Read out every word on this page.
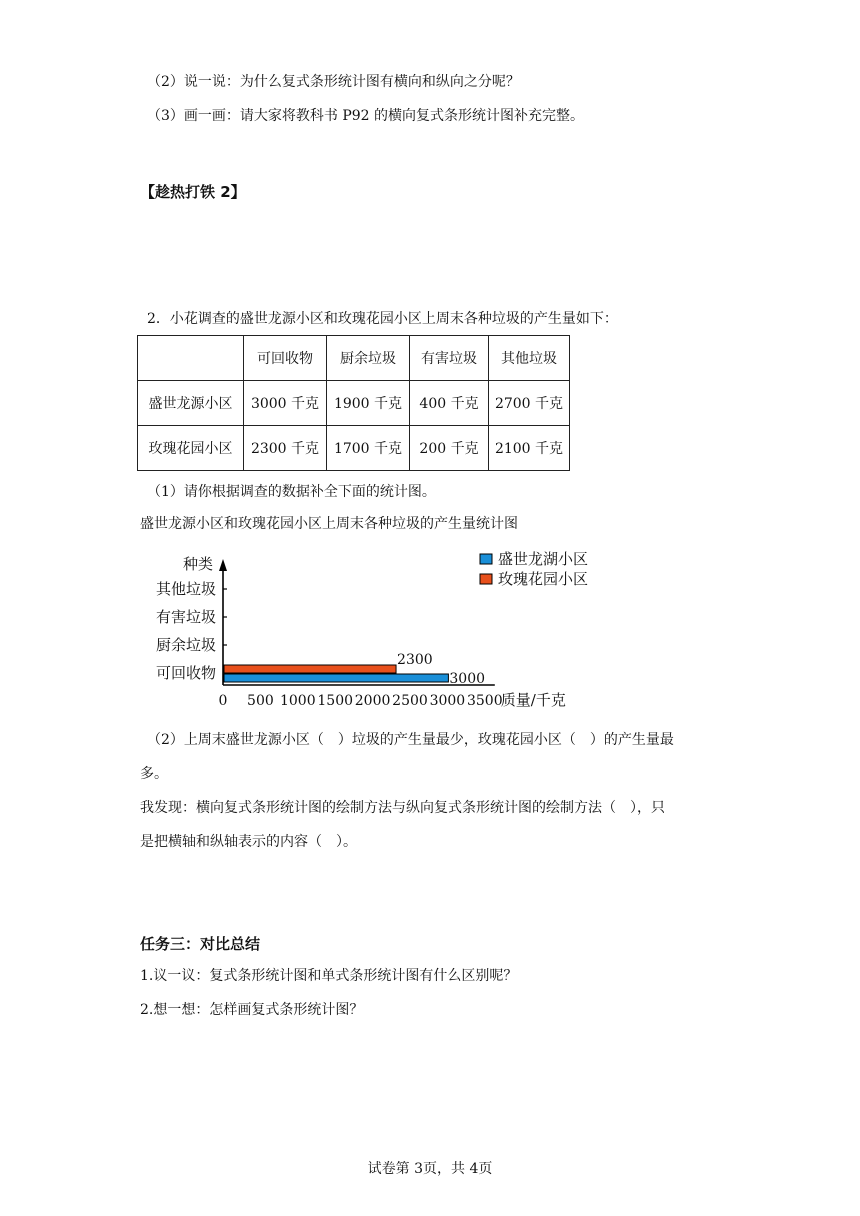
（2）说一说：为什么复式条形统计图有横向和纵向之分呢？
（3）画一画：请大家将教科书 P92 的横向复式条形统计图补充完整。
【趁热打铁 2】
2．小花调查的盛世龙源小区和玫瑰花园小区上周末各种垃圾的产生量如下：
	可回收物	厨余垃圾	有害垃圾	其他垃圾
盛世龙源小区	3000 千克	1900 千克	400 千克	2700 千克
玫瑰花园小区	2300 千克	1700 千克	200 千克	2100 千克
（1）请你根据调查的数据补全下面的统计图。
盛世龙源小区和玫瑰花园小区上周末各种垃圾的产生量统计图
种类
可回收物
厨余垃圾
有害垃圾
其他垃圾
0 500 1000 1500 2000 2500 3000 3500
质量/千克
3000
2300
盛世龙湖小区
玫瑰花园小区
（2）上周末盛世龙源小区（　）垃圾的产生量最少，玫瑰花园小区（　）的产生量最
多。
我发现：横向复式条形统计图的绘制方法与纵向复式条形统计图的绘制方法（　），只
是把横轴和纵轴表示的内容（　）。
任务三：对比总结
1.议一议：复式条形统计图和单式条形统计图有什么区别呢？
2.想一想：怎样画复式条形统计图？
试卷第 3页，共 4页
